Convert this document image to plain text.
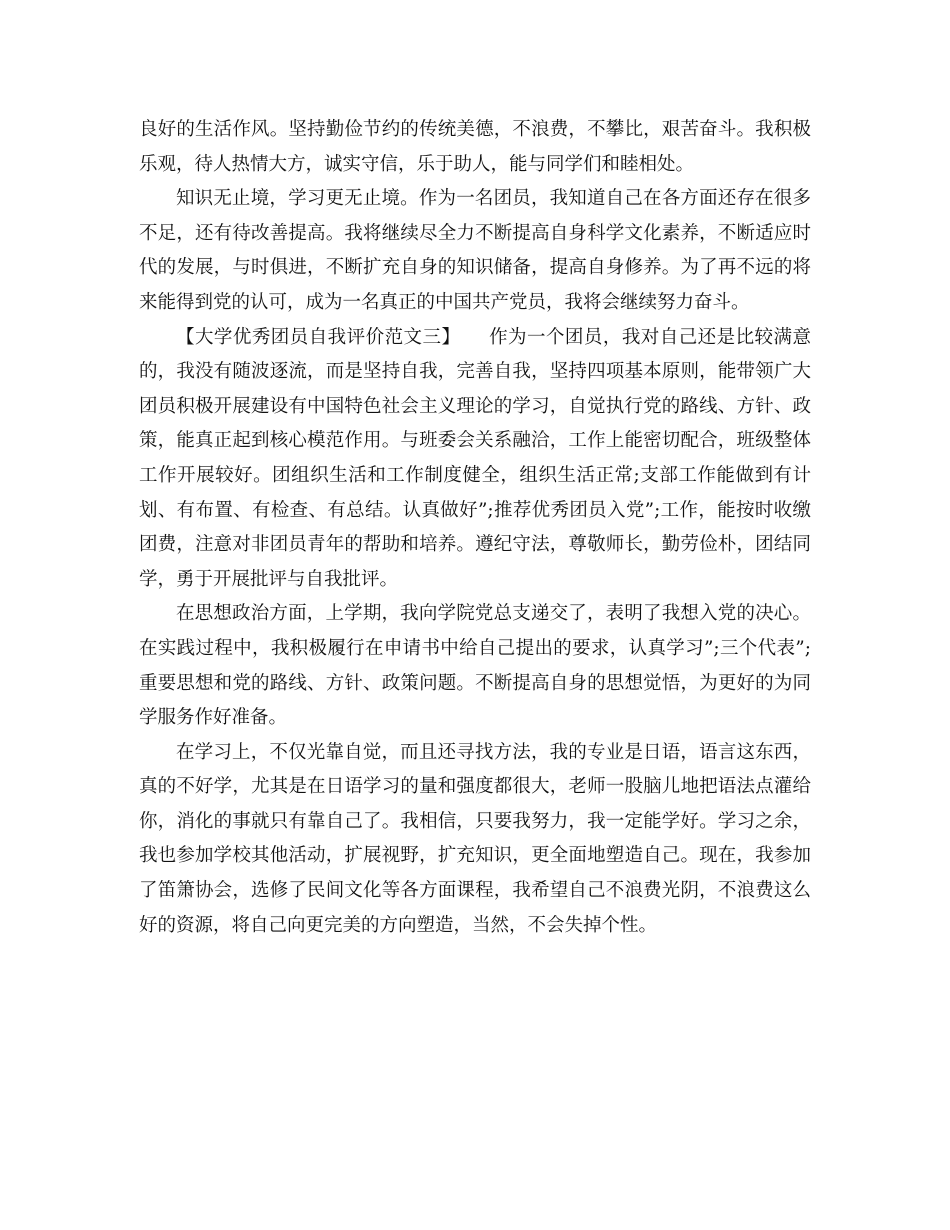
良好的生活作风。坚持勤俭节约的传统美德，不浪费，不攀比，艰苦奋斗。我积极乐观，待人热情大方，诚实守信，乐于助人，能与同学们和睦相处。

知识无止境，学习更无止境。作为一名团员，我知道自己在各方面还存在很多不足，还有待改善提高。我将继续尽全力不断提高自身科学文化素养，不断适应时代的发展，与时俱进，不断扩充自身的知识储备，提高自身修养。为了再不远的将来能得到党的认可，成为一名真正的中国共产党员，我将会继续努力奋斗。

【大学优秀团员自我评价范文三】　　 作为一个团员，我对自己还是比较满意的，我没有随波逐流，而是坚持自我，完善自我，坚持四项基本原则，能带领广大团员积极开展建设有中国特色社会主义理论的学习，自觉执行党的路线、方针、政策，能真正起到核心模范作用。与班委会关系融洽，工作上能密切配合，班级整体工作开展较好。团组织生活和工作制度健全，组织生活正常;支部工作能做到有计划、有布置、有检查、有总结。认真做好”;推荐优秀团员入党”;工作，能按时收缴团费，注意对非团员青年的帮助和培养。遵纪守法，尊敬师长，勤劳俭朴，团结同学，勇于开展批评与自我批评。

在思想政治方面，上学期，我向学院党总支递交了，表明了我想入党的决心。在实践过程中，我积极履行在申请书中给自己提出的要求，认真学习”;三个代表”;重要思想和党的路线、方针、政策问题。不断提高自身的思想觉悟，为更好的为同学服务作好准备。

在学习上，不仅光靠自觉，而且还寻找方法，我的专业是日语，语言这东西，真的不好学，尤其是在日语学习的量和强度都很大，老师一股脑儿地把语法点灌给你，消化的事就只有靠自己了。我相信，只要我努力，我一定能学好。学习之余，我也参加学校其他活动，扩展视野，扩充知识，更全面地塑造自己。现在，我参加了笛箫协会，选修了民间文化等各方面课程，我希望自己不浪费光阴，不浪费这么好的资源，将自己向更完美的方向塑造，当然，不会失掉个性。
